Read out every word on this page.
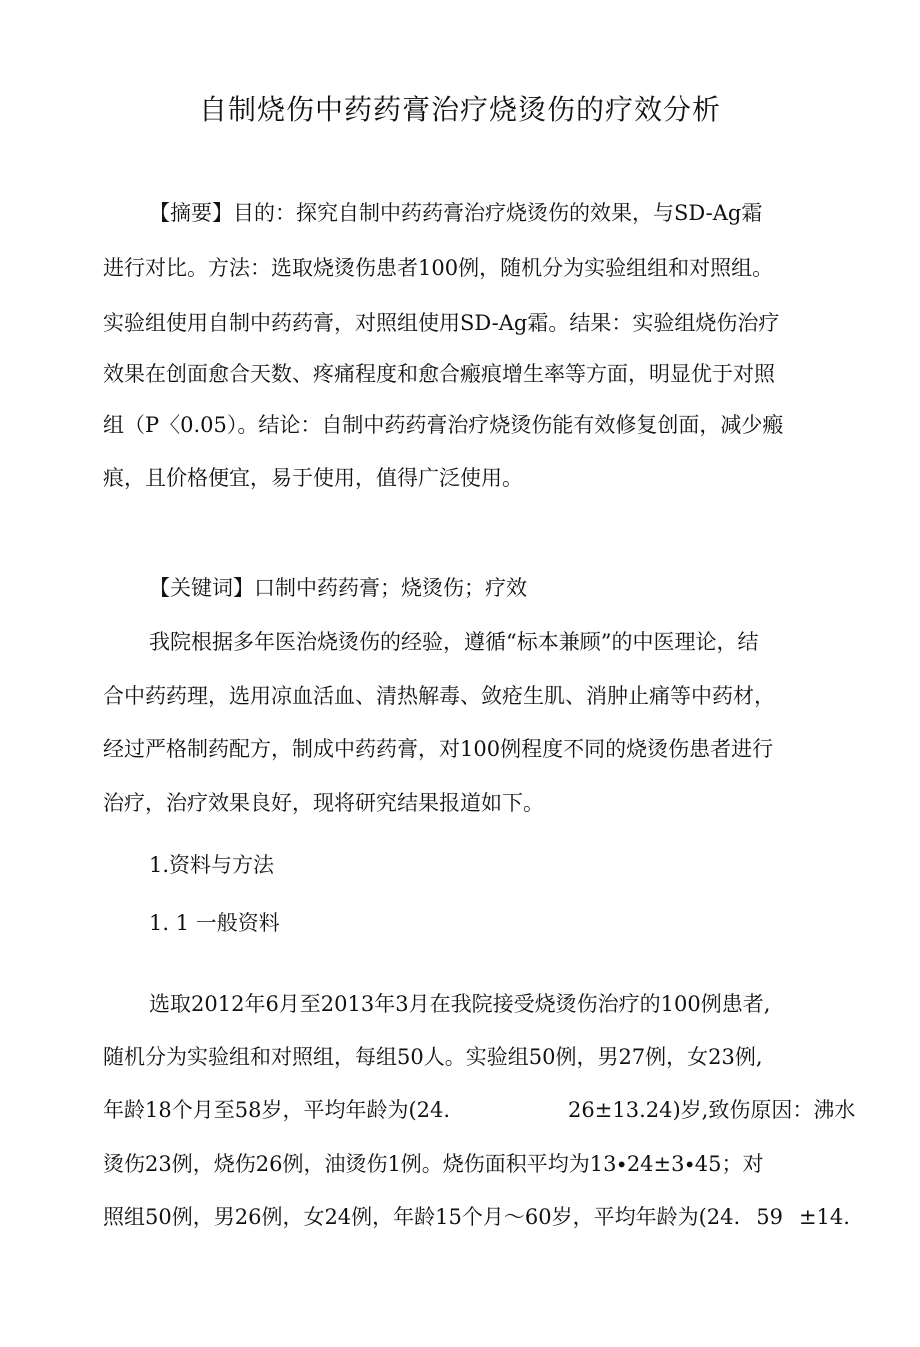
自制烧伤中药药膏治疗烧烫伤的疗效分析

【摘要】目的：探究自制中药药膏治疗烧烫伤的效果，与SD-Ag霜

进行对比。方法：选取烧烫伤患者100例，随机分为实验组组和对照组。

实验组使用自制中药药膏，对照组使用SD-Ag霜。结果：实验组烧伤治疗

效果在创面愈合天数、疼痛程度和愈合瘢痕增生率等方面，明显优于对照

组（P〈0.05）。结论：自制中药药膏治疗烧烫伤能有效修复创面，减少瘢

痕，且价格便宜，易于使用，值得广泛使用。

【关键词】口制中药药膏；烧烫伤；疗效

我院根据多年医治烧烫伤的经验，遵循“标本兼顾”的中医理论，结

合中药药理，选用凉血活血、清热解毒、敛疮生肌、消肿止痛等中药材，

经过严格制药配方，制成中药药膏，对100例程度不同的烧烫伤患者进行

治疗，治疗效果良好，现将研究结果报道如下。

1.资料与方法

1. 1 一般资料

选取2012年6月至2013年3月在我院接受烧烫伤治疗的100例患者,

随机分为实验组和对照组，每组50人。实验组50例，男27例，女23例,

年龄18个月至58岁，平均年龄为(24.	26±13.24)岁,致伤原因：沸水

烫伤23例，烧伤26例，油烫伤1例。烧伤面积平均为13∙24±3∙45；对

照组50例，男26例，女24例，年龄15个月～60岁，平均年龄为(24. 59 ±14.
